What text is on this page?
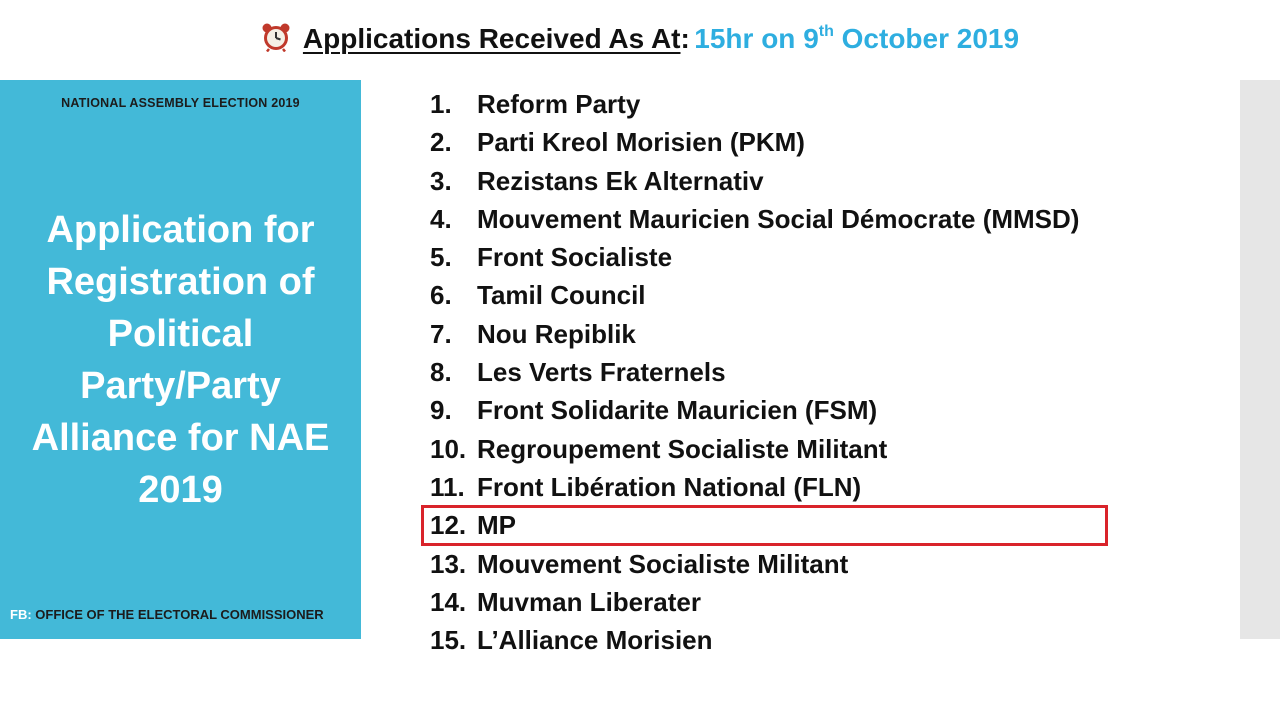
Applications Received As At: 15hr on 9th October 2019
NATIONAL ASSEMBLY ELECTION 2019
Application for Registration of Political Party/Party Alliance for NAE 2019
FB: OFFICE OF THE ELECTORAL COMMISSIONER
1. Reform Party
2. Parti Kreol Morisien (PKM)
3. Rezistans Ek Alternativ
4. Mouvement Mauricien Social Démocrate (MMSD)
5. Front Socialiste
6. Tamil Council
7. Nou Repiblik
8. Les Verts Fraternels
9. Front Solidarite Mauricien (FSM)
10. Regroupement Socialiste Militant
11. Front Libération National (FLN)
12. MP
13. Mouvement Socialiste Militant
14. Muvman Liberater
15. L’Alliance Morisien
